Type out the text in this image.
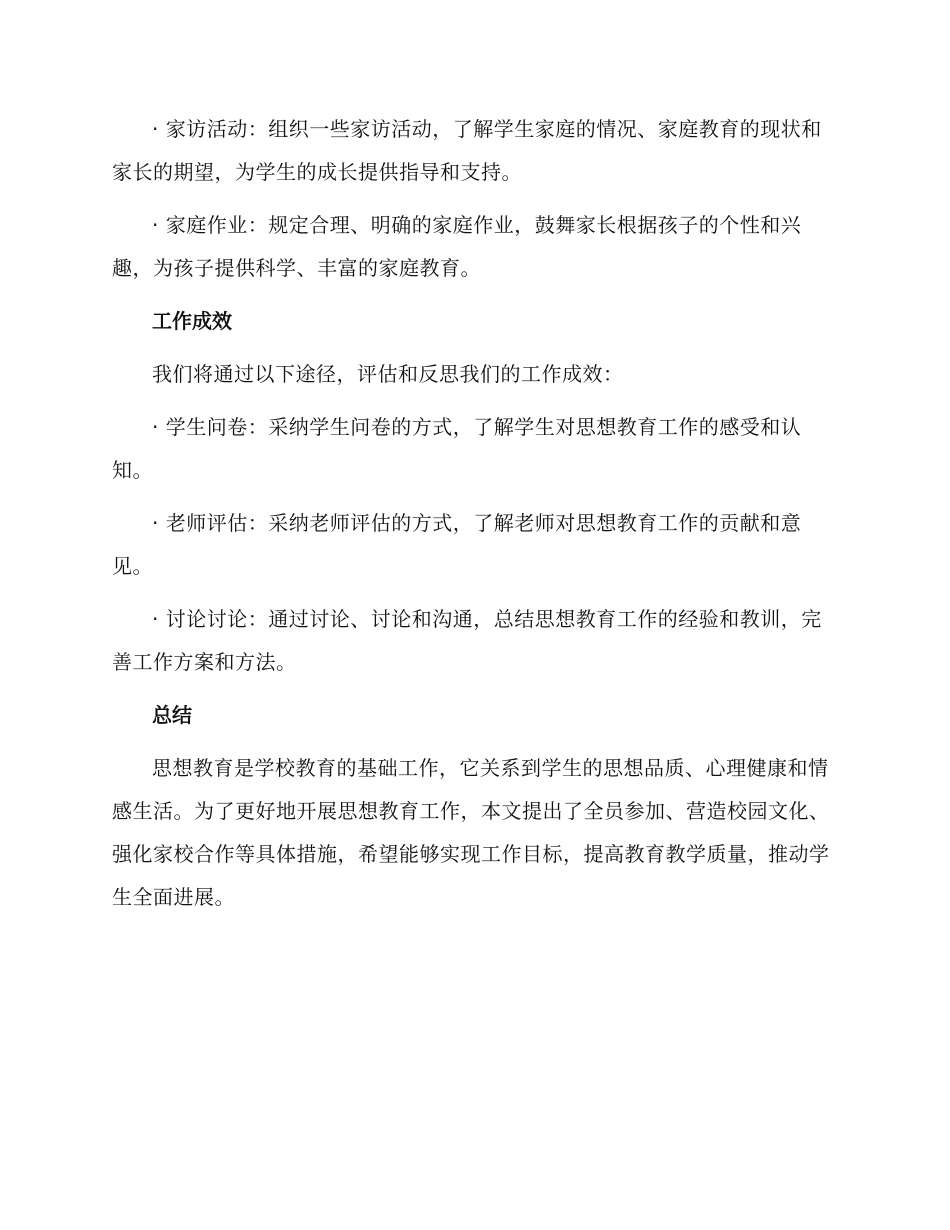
· 家访活动：组织一些家访活动，了解学生家庭的情况、家庭教育的现状和家长的期望，为学生的成长提供指导和支持。

· 家庭作业：规定合理、明确的家庭作业，鼓舞家长根据孩子的个性和兴趣，为孩子提供科学、丰富的家庭教育。

工作成效

我们将通过以下途径，评估和反思我们的工作成效：

· 学生问卷：采纳学生问卷的方式，了解学生对思想教育工作的感受和认知。

· 老师评估：采纳老师评估的方式，了解老师对思想教育工作的贡献和意见。

· 讨论讨论：通过讨论、讨论和沟通，总结思想教育工作的经验和教训，完善工作方案和方法。

总结

思想教育是学校教育的基础工作，它关系到学生的思想品质、心理健康和情感生活。为了更好地开展思想教育工作，本文提出了全员参加、营造校园文化、强化家校合作等具体措施，希望能够实现工作目标，提高教育教学质量，推动学生全面进展。
